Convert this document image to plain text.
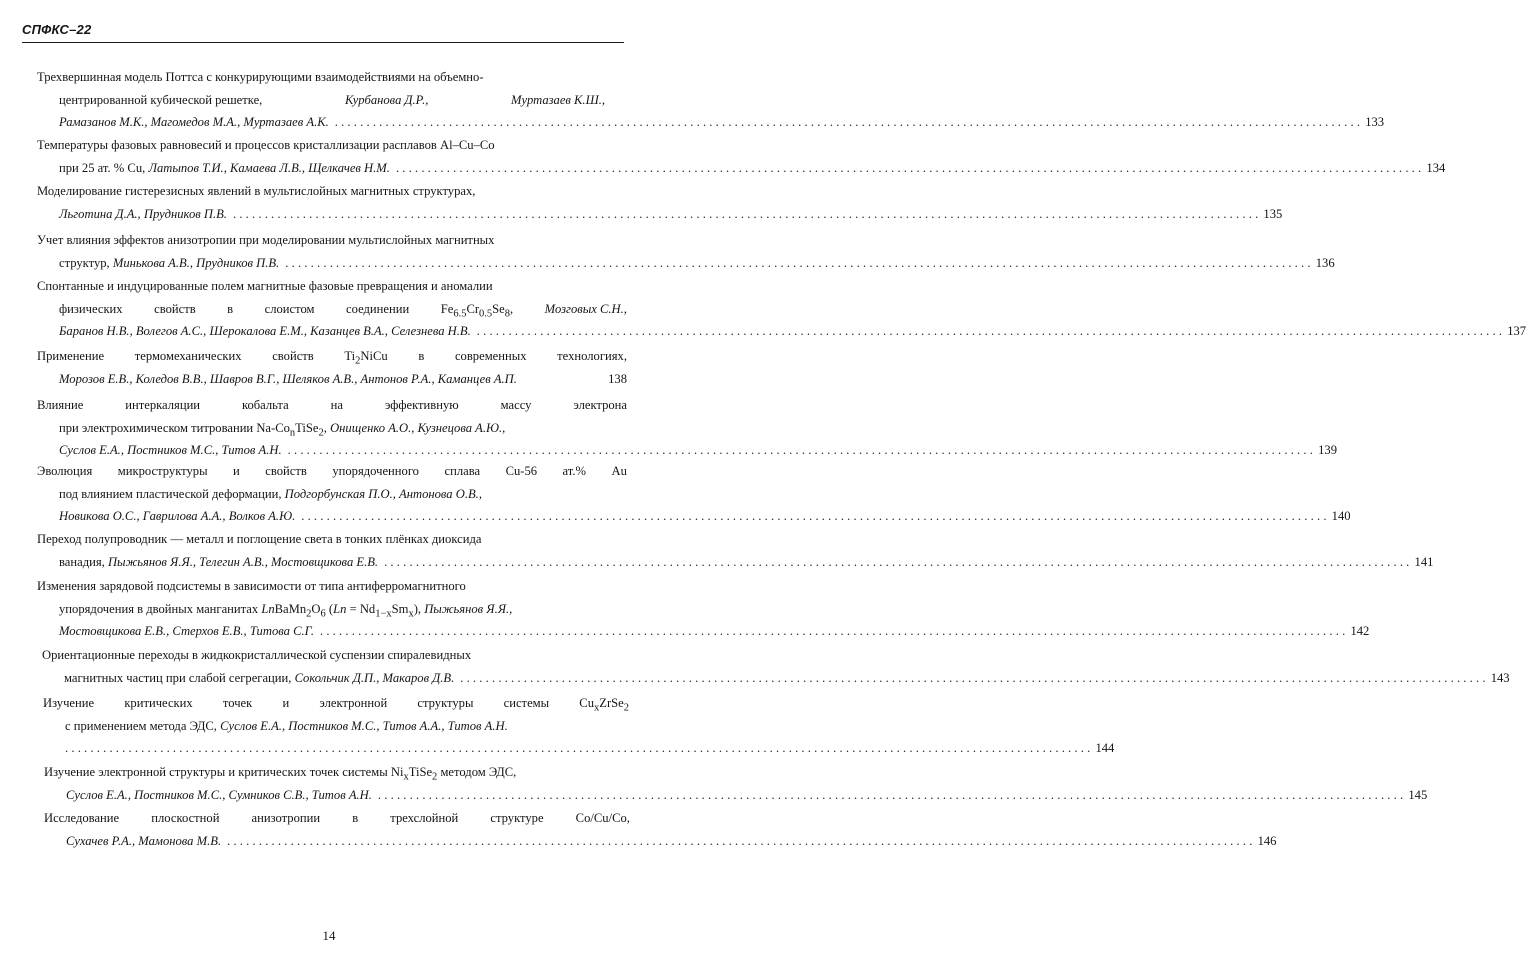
СПФКС–22
Трехвершинная модель Поттса с конкурирующими взаимодействиями на объемно-
центрированной кубической решетке,	Курбанова Д.Р.,	Муртазаев К.Ш.,
Рамазанов М.К., Магомедов М.А., Муртазаев А.К. .................................................................................................................................................................. 133
Температуры фазовых равновесий и процессов кристаллизации расплавов Al–Cu–Co
при 25 ат. % Cu,
Латыпов Т.И., Камаева Л.В., Щелкачев Н.М. .................................................................................................................................................................. 134
Моделирование гистерезисных явлений в мультислойных магнитных структурах,
Льготина Д.А., Прудников П.В. .................................................................................................................................................................. 135
Учет влияния эффектов анизотропии при моделировании мультислойных магнитных
структур,
Минькова А.В., Прудников П.В. .................................................................................................................................................................. 136
Спонтанные и индуцированные полем магнитные фазовые превращения и аномалии
физических	свойств	в	слоистом	соединении	$Fe_{6.5}Cr_{0.5}Se_8$,	Мозговых С.Н.,
Баранов Н.В., Волегов А.С., Шерокалова Е.М., Казанцев В.А., Селезнева Н.В. .................................................................................................................................................................. 137
Применение термомеханических свойств $Ti_2NiCu$ в современных технологиях,
Морозов Е.В., Коледов В.В., Шавров В.Г., Шеляков А.В., Антонов Р.А., Каманцев А.П.	138
Влияние	интеркаляции	кобальта	на	эффективную	массу	электрона
при электрохимическом титровании $Na-Co_nTiSe_2$,
Онищенко А.О., Кузнецова А.Ю.,
Суслов Е.А., Постников М.С., Титов А.Н. .................................................................................................................................................................. 139
Эволюция микроструктуры и свойств упорядоченного сплава Cu-56 ат.% Au
под влиянием пластической деформации,
Подгорбунская П.О., Антонова О.В.,
Новикова О.С., Гаврилова А.А., Волков А.Ю. .................................................................................................................................................................. 140
Переход полупроводник — металл и поглощение света в тонких плёнках диоксида
ванадия,
Пыжьянов Я.Я., Телегин А.В., Мостовщикова Е.В. .................................................................................................................................................................. 141
Изменения зарядовой подсистемы в зависимости от типа антиферромагнитного
упорядочения в двойных манганитах
$LnBaMn_2O_6$ $(Ln = Nd_{1-x}Sm_x)$,
Пыжьянов Я.Я.,
Мостовщикова Е.В., Стерхов Е.В., Титова С.Г. .................................................................................................................................................................. 142
Ориентационные переходы в жидкокристаллической суспензии спиралевидных
магнитных частиц при слабой сегрегации,
Сокольчик Д.П., Макаров Д.В. .................................................................................................................................................................. 143
Изучение критических точек и электронной структуры системы $Cu_xZrSe_2$
с применением метода ЭДС,
Суслов Е.А., Постников М.С., Титов А.А., Титов А.Н.
.................................................................................................................................................................. 144
Изучение электронной структуры и критических точек системы
$Ni_xTiSe_2$
методом ЭДС,
Суслов Е.А., Постников М.С., Сумников С.В., Титов А.Н. .................................................................................................................................................................. 145
Исследование	плоскостной	анизотропии	в	трехслойной	структуре	Co/Cu/Co,
Сухачев Р.А., Мамонова М.В. .................................................................................................................................................................. 146
14
